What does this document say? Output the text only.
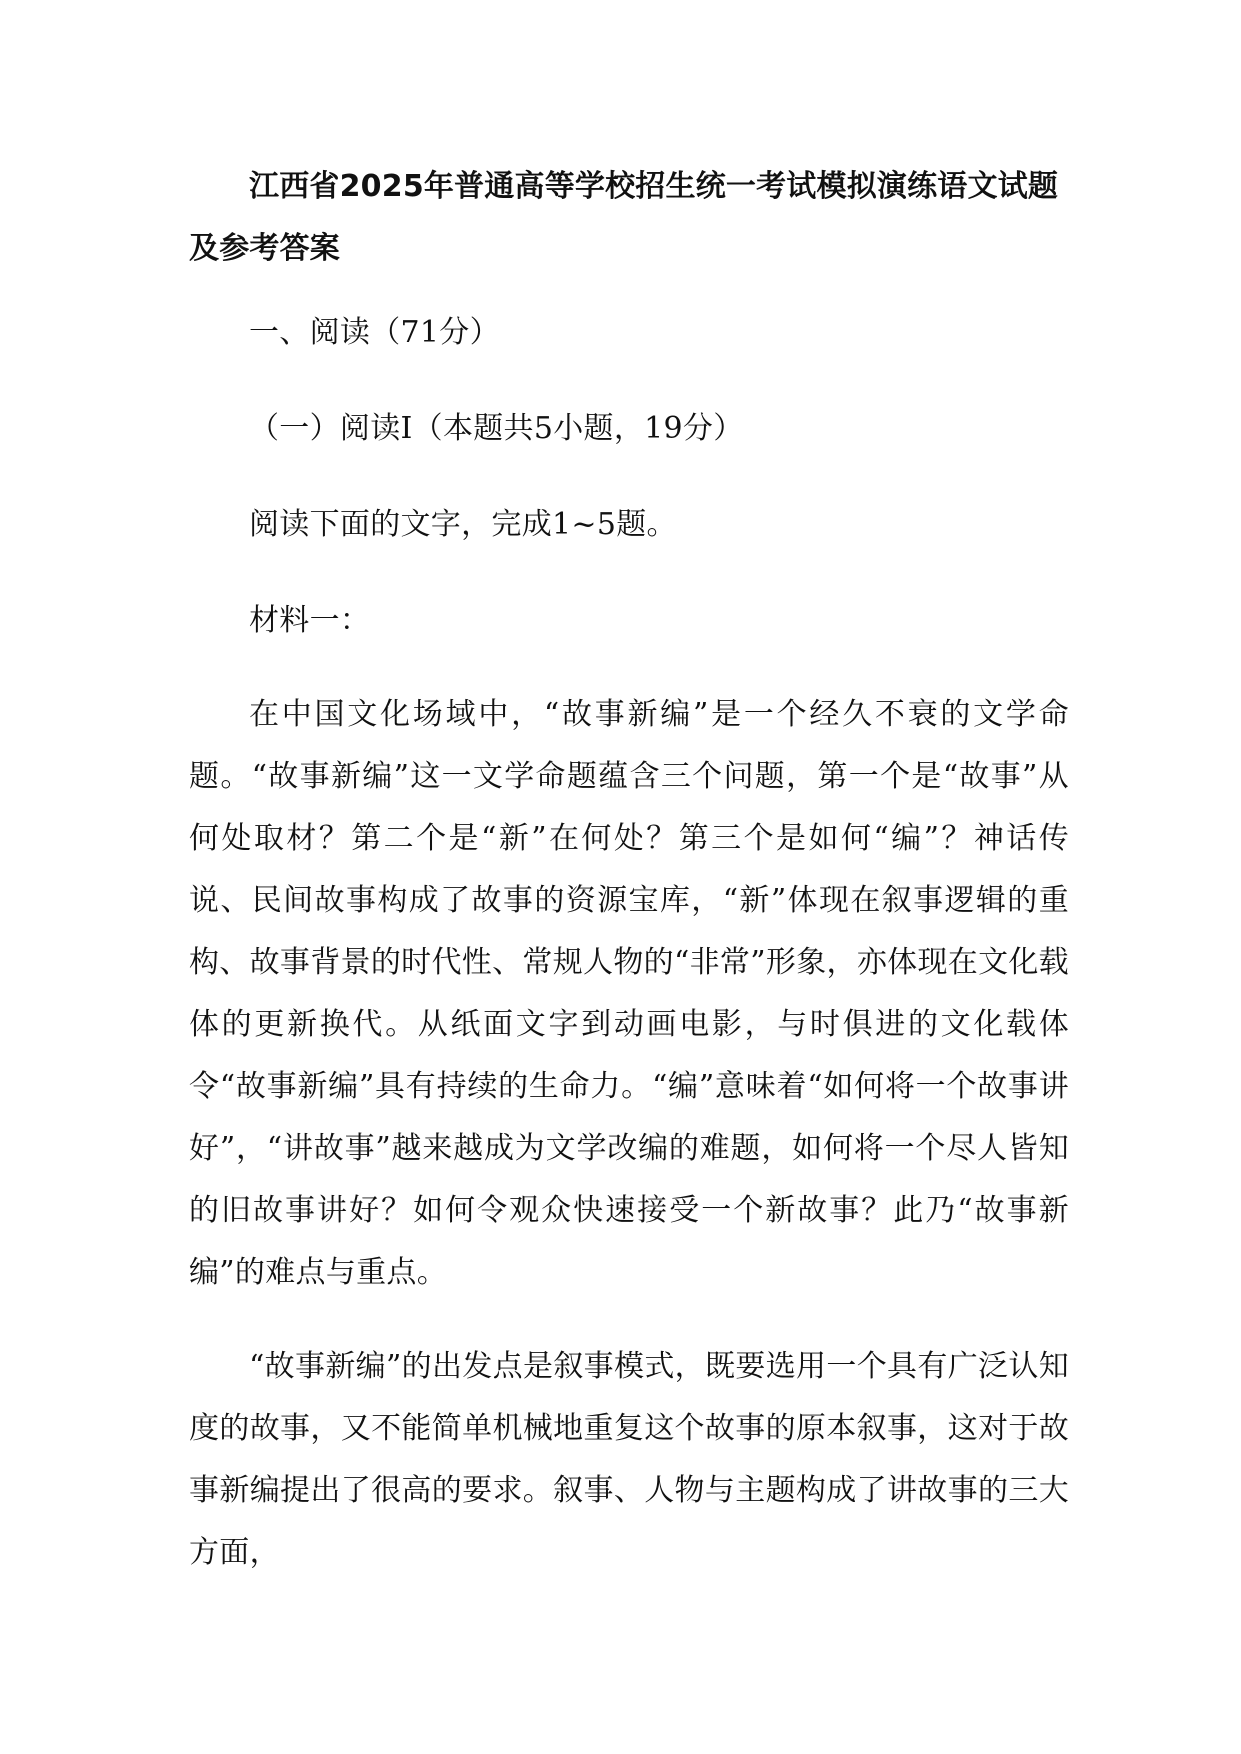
江西省2025年普通高等学校招生统一考试模拟演练语文试题及参考答案
一、阅读（71分）
（一）阅读Ⅰ（本题共5小题，19分）
阅读下面的文字，完成1~5题。
材料一：
在中国文化场域中，“故事新编”是一个经久不衰的文学命题。“故事新编”这一文学命题蕴含三个问题，第一个是“故事”从何处取材？第二个是“新”在何处？第三个是如何“编”？神话传说、民间故事构成了故事的资源宝库，“新”体现在叙事逻辑的重构、故事背景的时代性、常规人物的“非常”形象，亦体现在文化载体的更新换代。从纸面文字到动画电影，与时俱进的文化载体令“故事新编”具有持续的生命力。“编”意味着“如何将一个故事讲好”，“讲故事”越来越成为文学改编的难题，如何将一个尽人皆知的旧故事讲好？如何令观众快速接受一个新故事？此乃“故事新编”的难点与重点。
“故事新编”的出发点是叙事模式，既要选用一个具有广泛认知度的故事，又不能简单机械地重复这个故事的原本叙事，这对于故事新编提出了很高的要求。叙事、人物与主题构成了讲故事的三大方面，
